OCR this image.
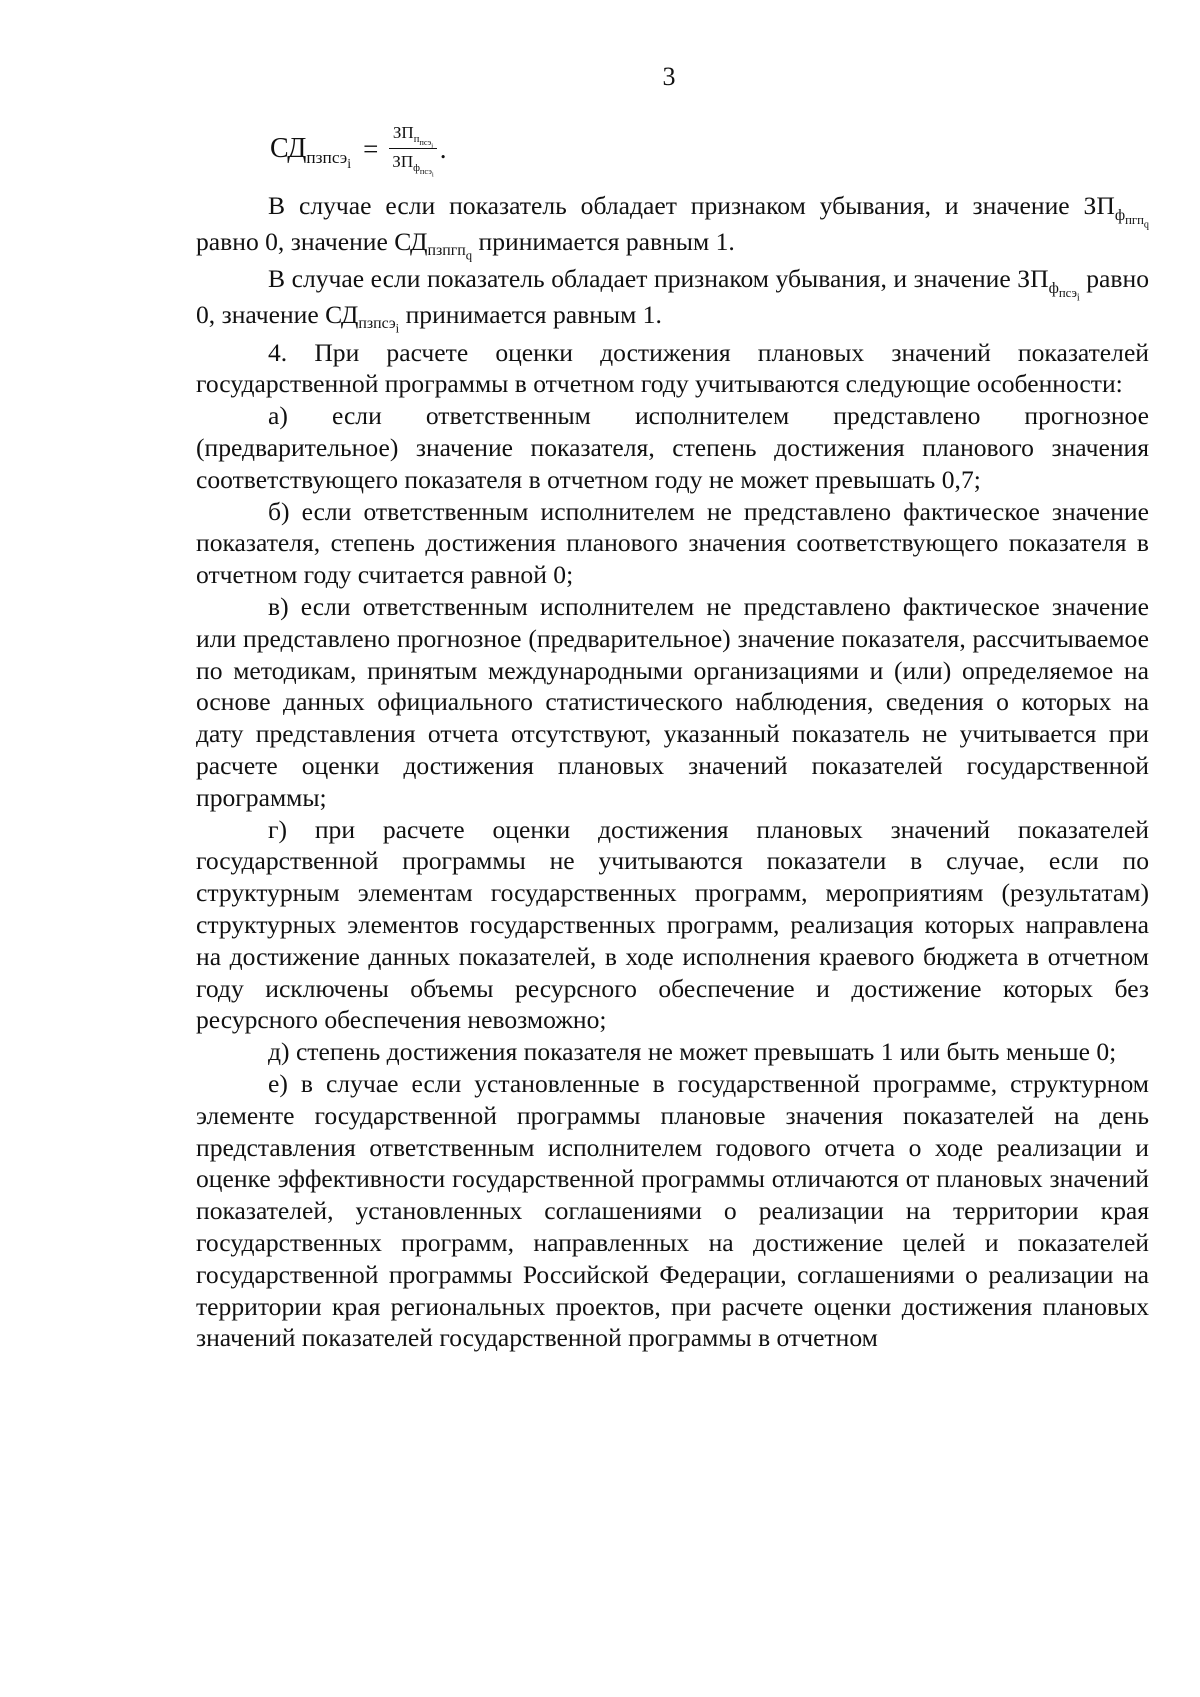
3
$СД_{пзпсэ_i}$
= $\frac{ЗП_{п_{псэ_i}}}{ЗП_{ф_{псэ_i}}}$ .

В случае если показатель обладает признаком убывания, и значение $ЗП_{ф_{пгп_q}}$ равно 0, значение $СД_{пзпгп_q}$ принимается равным 1.

В случае если показатель обладает признаком убывания, и значение $ЗП_{ф_{псэ_i}}$ равно 0, значение $СД_{пзпсэ_i}$ принимается равным 1.

4. При расчете оценки достижения плановых значений показателей государственной программы в отчетном году учитываются следующие особенности:

а) если ответственным исполнителем представлено прогнозное (предварительное) значение показателя, степень достижения планового значения соответствующего показателя в отчетном году не может превышать 0,7;

б) если ответственным исполнителем не представлено фактическое значение показателя, степень достижения планового значения соответствующего показателя в отчетном году считается равной 0;

в) если ответственным исполнителем не представлено фактическое значение или представлено прогнозное (предварительное) значение показателя, рассчитываемое по методикам, принятым международными организациями и (или) определяемое на основе данных официального статистического наблюдения, сведения о которых на дату представления отчета отсутствуют, указанный показатель не учитывается при расчете оценки достижения плановых значений показателей государственной программы;

г) при расчете оценки достижения плановых значений показателей государственной программы не учитываются показатели в случае, если по структурным элементам государственных программ, мероприятиям (результатам) структурных элементов государственных программ, реализация которых направлена на достижение данных показателей, в ходе исполнения краевого бюджета в отчетном году исключены объемы ресурсного обеспечение и достижение которых без ресурсного обеспечения невозможно;

д) степень достижения показателя не может превышать 1 или быть меньше 0;

е) в случае если установленные в государственной программе, структурном элементе государственной программы плановые значения показателей на день представления ответственным исполнителем годового отчета о ходе реализации и оценке эффективности государственной программы отличаются от плановых значений показателей, установленных соглашениями о реализации на территории края государственных программ, направленных на достижение целей и показателей государственной программы Российской Федерации, соглашениями о реализации на территории края региональных проектов, при расчете оценки достижения плановых значений показателей государственной программы в отчетном
